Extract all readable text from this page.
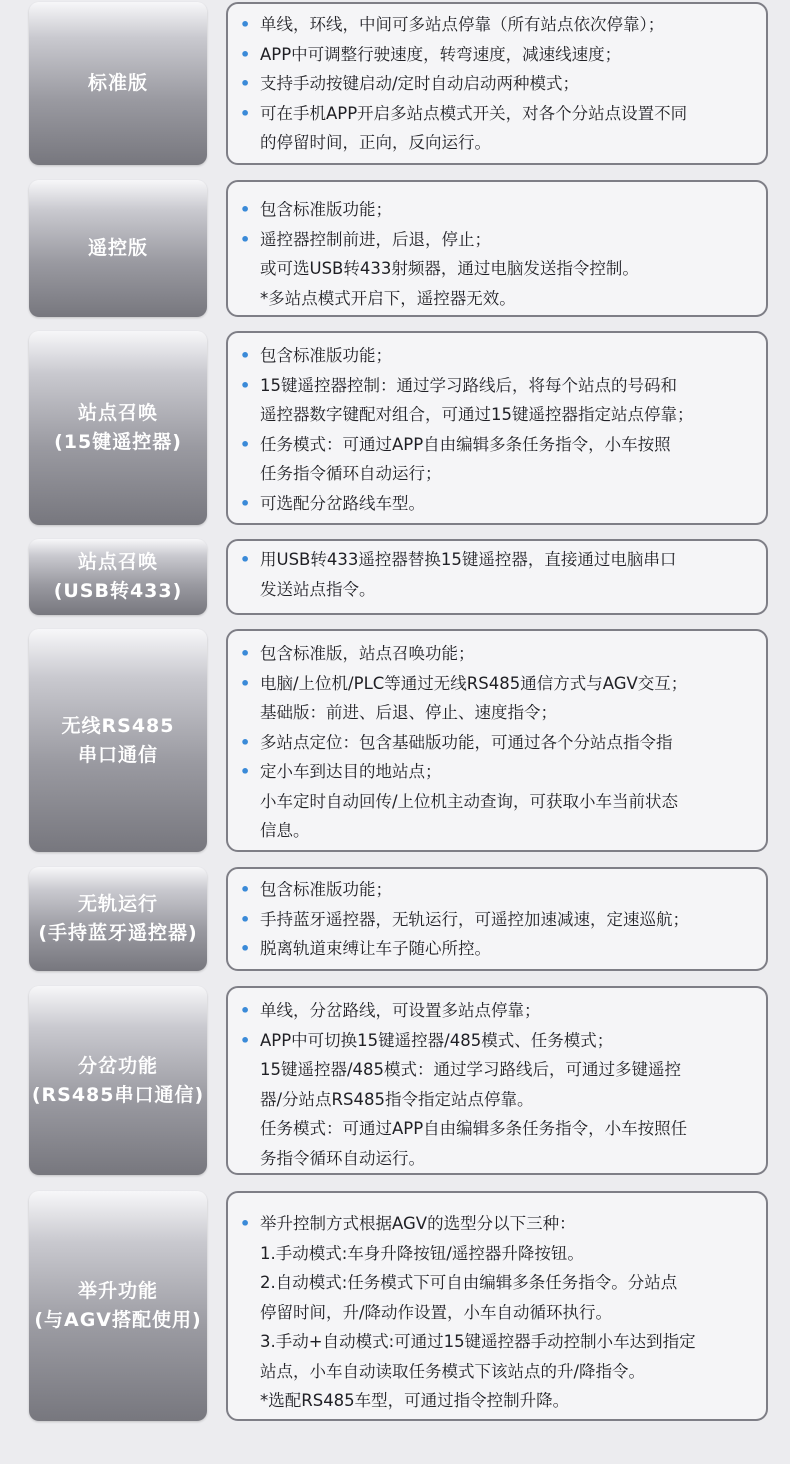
标准版
• 单线，环线，中间可多站点停靠（所有站点依次停靠）；
• APP中可调整行驶速度，转弯速度，减速线速度；
• 支持手动按键启动/定时自动启动两种模式；
• 可在手机APP开启多站点模式开关，对各个分站点设置不同
的停留时间，正向，反向运行。
遥控版
• 包含标准版功能；
• 遥控器控制前进，后退，停止；
或可选USB转433射频器，通过电脑发送指令控制。
*多站点模式开启下，遥控器无效。
站点召唤
(15键遥控器)
• 包含标准版功能；
• 15键遥控器控制：通过学习路线后，将每个站点的号码和
遥控器数字键配对组合，可通过15键遥控器指定站点停靠；
• 任务模式：可通过APP自由编辑多条任务指令，小车按照
任务指令循环自动运行；
• 可选配分岔路线车型。
站点召唤
(USB转433)
• 用USB转433遥控器替换15键遥控器，直接通过电脑串口
发送站点指令。
无线RS485
串口通信
• 包含标准版，站点召唤功能；
• 电脑/上位机/PLC等通过无线RS485通信方式与AGV交互；
基础版：前进、后退、停止、速度指令；
• 多站点定位：包含基础版功能，可通过各个分站点指令指
• 定小车到达目的地站点；
小车定时自动回传/上位机主动查询，可获取小车当前状态
信息。
无轨运行
(手持蓝牙遥控器)
• 包含标准版功能；
• 手持蓝牙遥控器，无轨运行，可遥控加速减速，定速巡航；
• 脱离轨道束缚让车子随心所控。
分岔功能
(RS485串口通信)
• 单线，分岔路线，可设置多站点停靠；
• APP中可切换15键遥控器/485模式、任务模式；
15键遥控器/485模式：通过学习路线后，可通过多键遥控
器/分站点RS485指令指定站点停靠。
任务模式：可通过APP自由编辑多条任务指令，小车按照任
务指令循环自动运行。
举升功能
(与AGV搭配使用)
• 举升控制方式根据AGV的选型分以下三种：
1.手动模式:车身升降按钮/遥控器升降按钮。
2.自动模式:任务模式下可自由编辑多条任务指令。分站点
停留时间，升/降动作设置，小车自动循环执行。
3.手动+自动模式:可通过15键遥控器手动控制小车达到指定
站点，小车自动读取任务模式下该站点的升/降指令。
*选配RS485车型，可通过指令控制升降。
